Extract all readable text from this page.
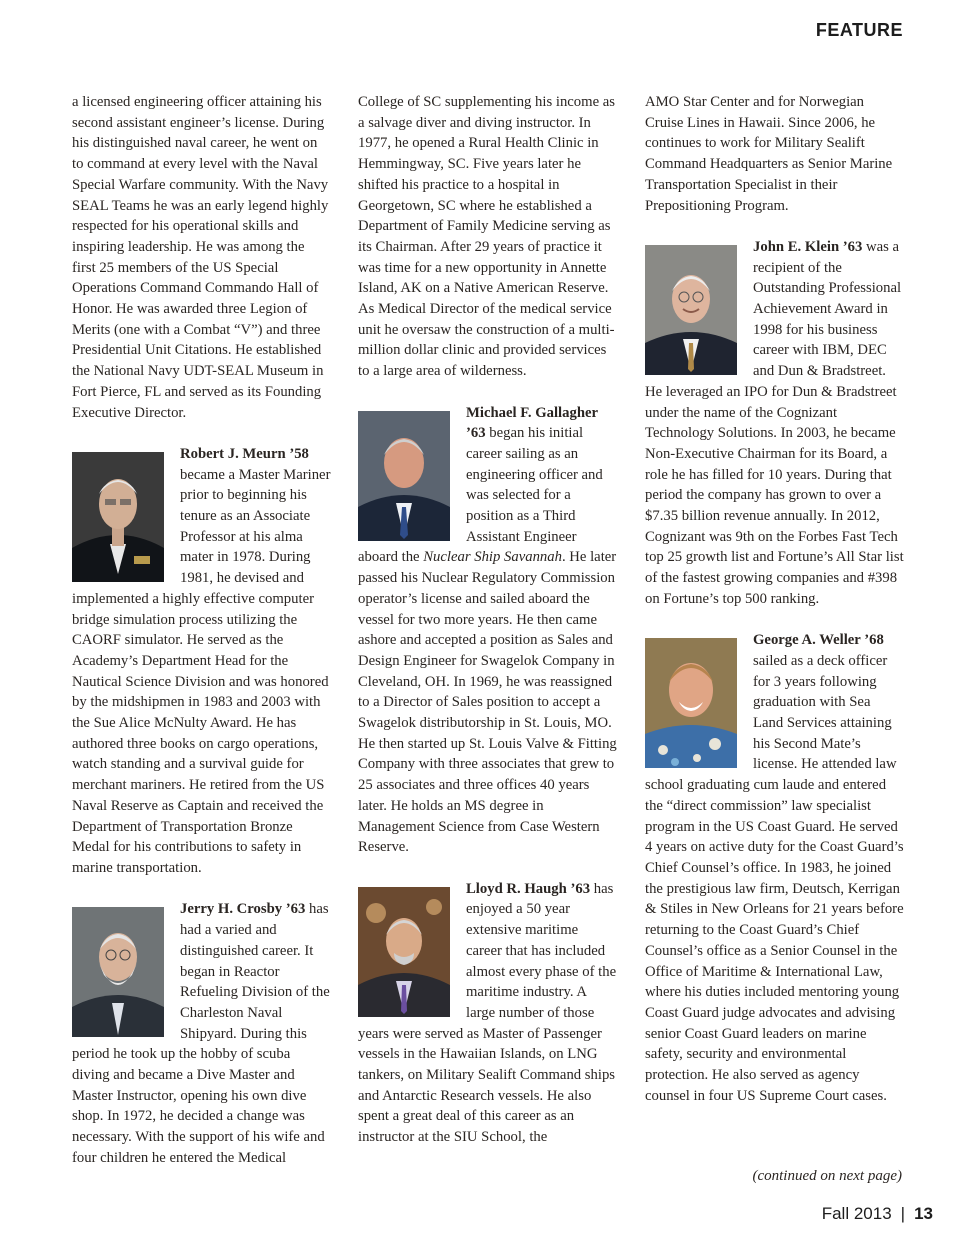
FEATURE

a licensed engineering officer attaining his second assistant engineer’s license. During his distinguished naval career, he went on to command at every level with the Naval Special Warfare community. With the Navy SEAL Teams he was an early legend highly respected for his operational skills and inspiring leadership. He was among the first 25 members of the US Special Operations Command Commando Hall of Honor. He was awarded three Legion of Merits (one with a Combat “V”) and three Presidential Unit Citations. He established the National Navy UDT-SEAL Museum in Fort Pierce, FL and served as its Founding Executive Director.

Robert J. Meurn ’58 became a Master Mariner prior to beginning his tenure as an Associate Professor at his alma mater in 1978. During 1981, he devised and implemented a highly effective computer bridge simulation process utilizing the CAORF simulator. He served as the Academy’s Department Head for the Nautical Science Division and was honored by the midshipmen in 1983 and 2003 with the Sue Alice McNulty Award. He has authored three books on cargo operations, watch standing and a survival guide for merchant mariners. He retired from the US Naval Reserve as Captain and received the Department of Transportation Bronze Medal for his contributions to safety in marine transportation.

Jerry H. Crosby ’63 has had a varied and distinguished career. It began in Reactor Refueling Division of the Charleston Naval Shipyard. During this period he took up the hobby of scuba diving and became a Dive Master and Master Instructor, opening his own dive shop. In 1972, he decided a change was necessary. With the support of his wife and four children he entered the Medical

College of SC supplementing his income as a salvage diver and diving instructor. In 1977, he opened a Rural Health Clinic in Hemmingway, SC. Five years later he shifted his practice to a hospital in Georgetown, SC where he established a Department of Family Medicine serving as its Chairman. After 29 years of practice it was time for a new opportunity in Annette Island, AK on a Native American Reserve. As Medical Director of the medical service unit he oversaw the construction of a multi-million dollar clinic and provided services to a large area of wilderness.

Michael F. Gallagher ’63 began his initial career sailing as an engineering officer and was selected for a position as a Third Assistant Engineer aboard the Nuclear Ship Savannah. He later passed his Nuclear Regulatory Commission operator’s license and sailed aboard the vessel for two more years. He then came ashore and accepted a position as Sales and Design Engineer for Swagelok Company in Cleveland, OH. In 1969, he was reassigned to a Director of Sales position to accept a Swagelok distributorship in St. Louis, MO. He then started up St. Louis Valve & Fitting Company with three associates that grew to 25 associates and three offices 40 years later. He holds an MS degree in Management Science from Case Western Reserve.

Lloyd R. Haugh ’63 has enjoyed a 50 year extensive maritime career that has included almost every phase of the maritime industry. A large number of those years were served as Master of Passenger vessels in the Hawaiian Islands, on LNG tankers, on Military Sealift Command ships and Antarctic Research vessels. He also spent a great deal of this career as an instructor at the SIU School, the

AMO Star Center and for Norwegian Cruise Lines in Hawaii. Since 2006, he continues to work for Military Sealift Command Headquarters as Senior Marine Transportation Specialist in their Prepositioning Program.

John E. Klein ’63 was a recipient of the Outstanding Professional Achievement Award in 1998 for his business career with IBM, DEC and Dun & Bradstreet. He leveraged an IPO for Dun & Bradstreet under the name of the Cognizant Technology Solutions. In 2003, he became Non-Executive Chairman for its Board, a role he has filled for 10 years. During that period the company has grown to over a $7.35 billion revenue annually. In 2012, Cognizant was 9th on the Forbes Fast Tech top 25 growth list and Fortune’s All Star list of the fastest growing companies and #398 on Fortune’s top 500 ranking.

George A. Weller ’68 sailed as a deck officer for 3 years following graduation with Sea Land Services attaining his Second Mate’s license. He attended law school graduating cum laude and entered the “direct commission” law specialist program in the US Coast Guard. He served 4 years on active duty for the Coast Guard’s Chief Counsel’s office. In 1983, he joined the prestigious law firm, Deutsch, Kerrigan & Stiles in New Orleans for 21 years before returning to the Coast Guard’s Chief Counsel’s office as a Senior Counsel in the Office of Maritime & International Law, where his duties included mentoring young Coast Guard judge advocates and advising senior Coast Guard leaders on marine safety, security and environmental protection. He also served as agency counsel in four US Supreme Court cases.

(continued on next page)
Fall 2013 | 13
